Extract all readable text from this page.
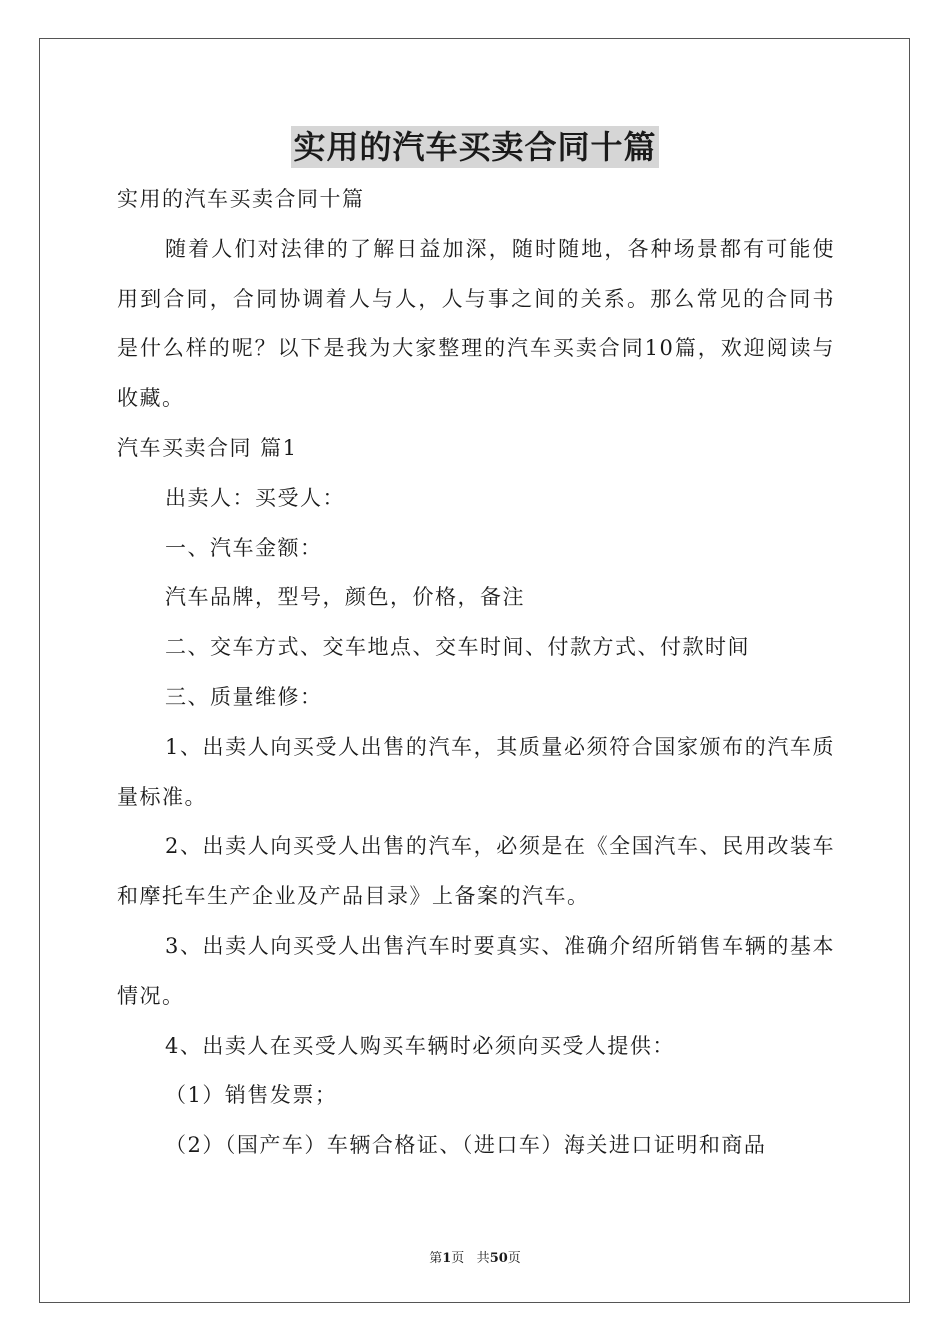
实用的汽车买卖合同十篇

实用的汽车买卖合同十篇

随着人们对法律的了解日益加深，随时随地，各种场景都有可能使用到合同，合同协调着人与人，人与事之间的关系。那么常见的合同书是什么样的呢？以下是我为大家整理的汽车买卖合同10篇，欢迎阅读与收藏。

汽车买卖合同 篇1

出卖人：买受人：

一、汽车金额：

汽车品牌，型号，颜色，价格，备注

二、交车方式、交车地点、交车时间、付款方式、付款时间

三、质量维修：

1、出卖人向买受人出售的汽车，其质量必须符合国家颁布的汽车质量标准。

2、出卖人向买受人出售的汽车，必须是在《全国汽车、民用改装车和摩托车生产企业及产品目录》上备案的汽车。

3、出卖人向买受人出售汽车时要真实、准确介绍所销售车辆的基本情况。

4、出卖人在买受人购买车辆时必须向买受人提供：

（1）销售发票；

（2）（国产车）车辆合格证、（进口车）海关进口证明和商品

第1页 共50页
